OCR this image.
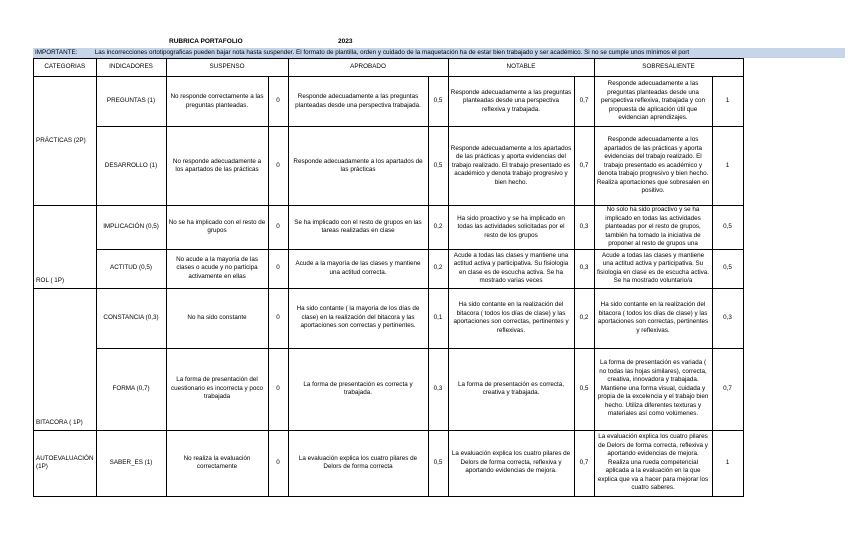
RUBRICA PORTAFOLIO	2023
IMPORTANTE:	Las incorrecciones ortotipograficas pueden bajar nota hasta suspender. El formato de plantilla, orden y cuidado de la maquetación ha de estar bien trabajado y ser académico. Si no se cumple unos mínimos el port
CATEGORIAS	INDICADORES	SUSPENSO		APROBADO		NOTABLE		SOBRESALIENTE	
PRÁCTICAS (2P)	PREGUNTAS (1)	No responde correctamente a las preguntas planteadas.	0	Responde adecuadamente a las preguntas planteadas desde una perspectiva trabajada.	0,5	Responde adecuadamente a las preguntas planteadas desde una perspectiva reflexiva y trabajada.	0,7	Responde adecuadamente a las preguntas planteadas desde una perspectiva reflexiva, trabajada y con propuesta de aplicación útil que evidencian aprendizajes.	1
	DESARROLLO (1)	No responde adecuadamente a los apartados de las prácticas	0	Responde adecuadamente a los apartados de las prácticas	0,5	Responde adecuadamente a los apartados de las prácticas y aporta evidencias del trabajo realizado. El trabajo presentado es académico y denota trabajo progresivo y bien hecho.	0,7	Responde adecuadamente a los apartados de las prácticas y aporta evidencias del trabajo realizado. El trabajo presentado es académico y denota trabajo progresivo y bien hecho. Realiza aportaciones que sobresalen en positivo.	1
ROL ( 1P)	IMPLICACIÓN (0,5)	No se ha implicado con el resto de grupos	0	Se ha implicado con el resto de grupos en las tareas realizadas en clase	0,2	Ha sido proactivo y se ha implicado en todas las actividades solicitadas por el resto de los grupos	0,3	No solo ha sido proactivo y se ha implicado en todas las actividades planteadas por el resto de grupos, también ha tomado la iniciativa de proponer al resto de grupos una	0,5
	ACTITUD (0,5)	No acude a la mayoría de las clases o acude y no participa activamente en ellas	0	Acude a la mayoría de las clases y mantiene una actitud correcta.	0,2	Acude a todas las clases y mantiene una actitud activa y participativa. Su fisiologia en clase es de escucha activa. Se ha mostrado varias veces	0,3	Acude a todas las clases y mantiene una actitud activa y participativa. Su fisiologia en clase es de escucha activa. Se ha mostrado voluntario/a	0,5
BITACORA ( 1P)	CONSTANCIA (0,3)	No ha sido constante	0	Ha sido contante ( la mayoria de los días de clase) en la realización del bitacora y las aportaciones son correctas y pertinentes.	0,1	Ha sido contante en la realización del bitacora ( todos los días de clase) y las aportaciones son correctas, pertinentes y reflexivas.	0,2	Ha sido contante en la realización del bitacora ( todos los días de clase) y las aportaciones son correctas, pertinentes y reflexivas.	0,3
	FORMA (0,7)	La forma de presentación del cuestionario es incorrecta y poco trabajada	0	La forma de presentación es correcta y trabajada.	0,3	La forma de presentación es correcta, creativa y trabajada.	0,5	La forma de presentación es variada ( no todas las hojas similares), correcta, creativa, innovadora y trabajada. Mantiene una forma visual, cuidada y propia de la excelencia y el trabajo bien hecho. Utiliza diferentes texturas y materiales así como volúmenes.	0,7
AUTOEVALUACIÓN (1P)	SABER_ES (1)	No realiza la evaluación correctamente	0	La evaluación explica los cuatro pilares de Delors de forma correcta	0,5	La evaluación explica los cuatro pilares de Delors de forma correcta, reflexiva y aportando evidencias de mejora.	0,7	La evaluación explica los cuatro pilares de Delors de forma correcta, reflexiva y aportando evidencias de mejora. Realiza una rueda competencial aplicada a la evaluación en la que explica que va a hacer para mejorar los cuatro saberes.	1
